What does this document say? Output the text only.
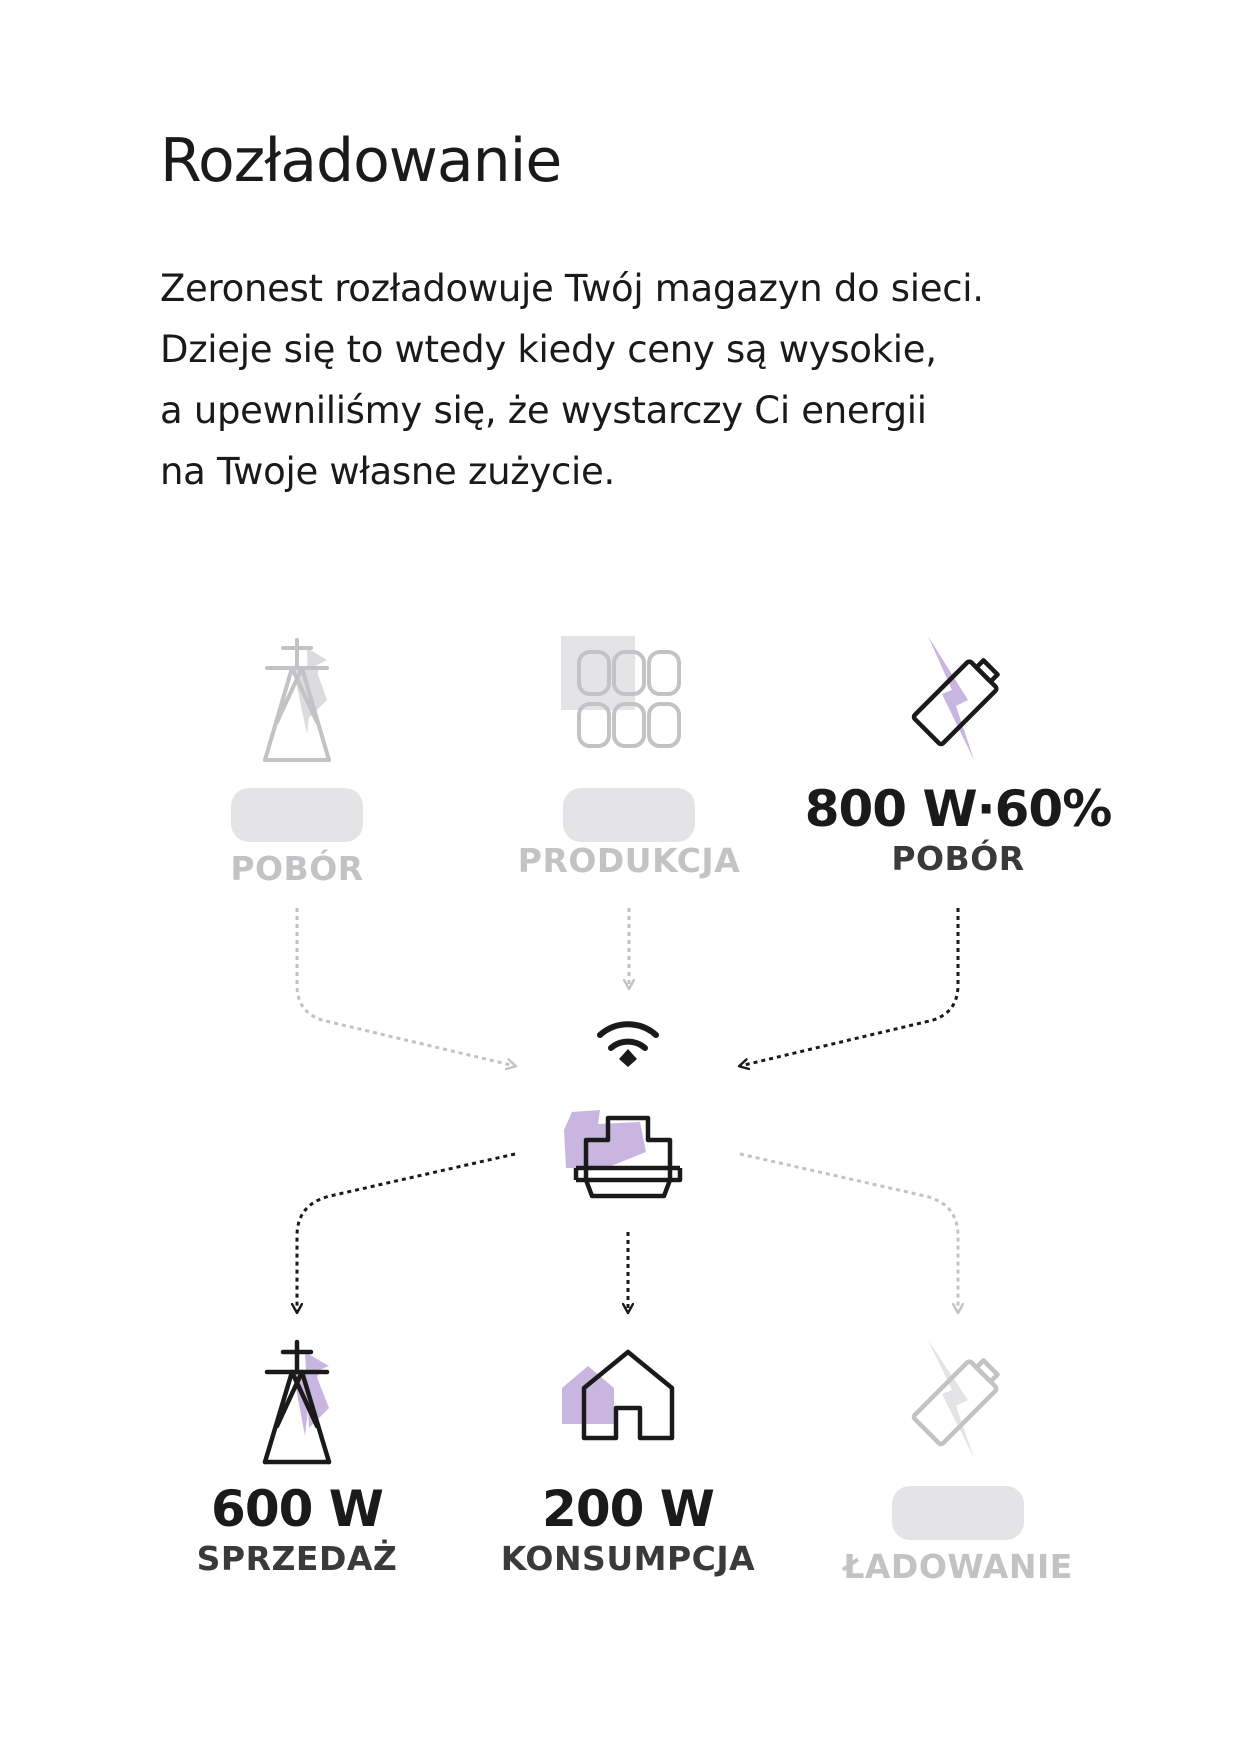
Rozładowanie

Zeronest rozładowuje Twój magazyn do sieci.
Dzieje się to wtedy kiedy ceny są wysokie,
a upewniliśmy się, że wystarczy Ci energii
na Twoje własne zużycie.

POBÓR	PRODUKCJA
800 W·60%
POBÓR
600 W
SPRZEDAŻ
200 W
KONSUMPCJA	ŁADOWANIE
